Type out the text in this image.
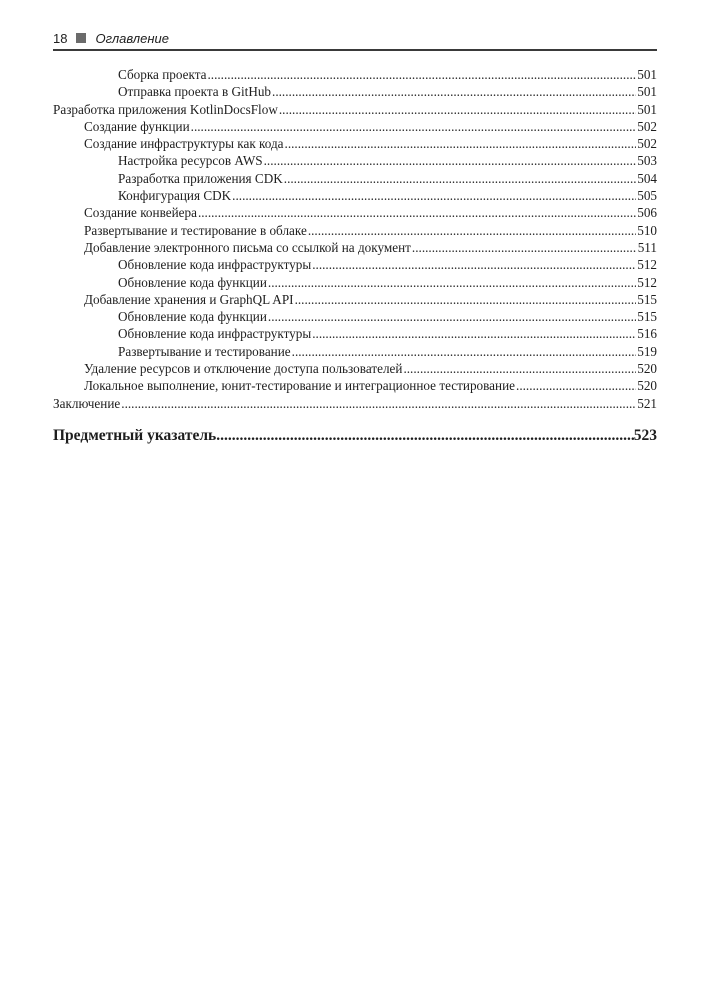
18 Оглавление
Сборка проекта .....	501
Отправка проекта в GitHub .....	501
Разработка приложения KotlinDocsFlow .....	501
Создание функции .....	502
Создание инфраструктуры как кода .....	502
Настройка ресурсов AWS .....	503
Разработка приложения CDK .....	504
Конфигурация CDK .....	505
Создание конвейера .....	506
Развертывание и тестирование в облаке .....	510
Добавление электронного письма со ссылкой на документ .....	511
Обновление кода инфраструктуры .....	512
Обновление кода функции .....	512
Добавление хранения и GraphQL API .....	515
Обновление кода функции .....	515
Обновление кода инфраструктуры .....	516
Развертывание и тестирование .....	519
Удаление ресурсов и отключение доступа пользователей .....	520
Локальное выполнение, юнит-тестирование и интеграционное тестирование .....	520
Заключение .....	521
Предметный указатель .....	523
